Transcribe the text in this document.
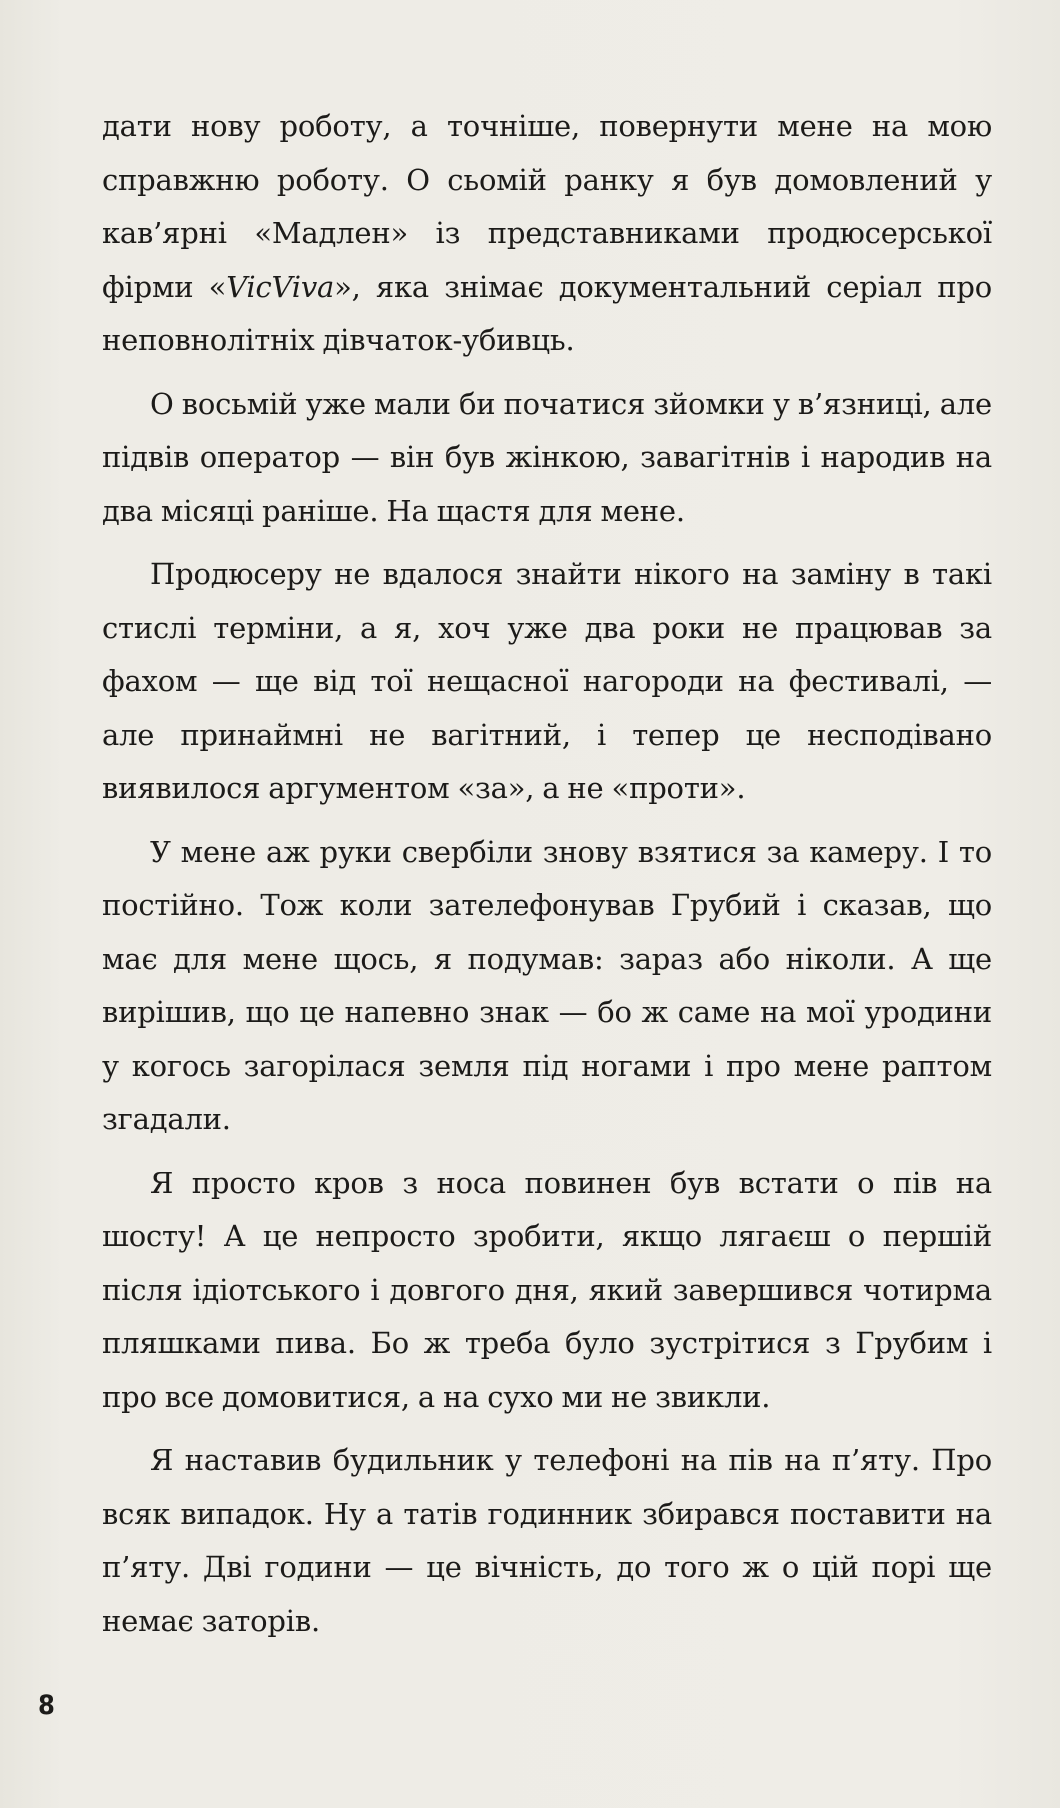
дати нову роботу, а точніше, повернути мене на мою справжню роботу. О сьомій ранку я був домовлений у кав’ярні «Мадлен» із представниками продюсерської фірми «VicViva», яка знімає документальний серіал про неповнолітніх дівчаток-убивць.

О восьмій уже мали би початися зйомки у в’язниці, але підвів оператор — він був жінкою, завагітнів і народив на два місяці раніше. На щастя для мене.

Продюсеру не вдалося знайти нікого на заміну в такі стислі терміни, а я, хоч уже два роки не працював за фахом — ще від тої нещасної нагороди на фестивалі, — але принаймні не вагітний, і тепер це несподівано виявилося аргументом «за», а не «проти».

У мене аж руки свербіли знову взятися за камеру. І то постійно. Тож коли зателефонував Грубий і сказав, що має для мене щось, я подумав: зараз або ніколи. А ще вирішив, що це напевно знак — бо ж саме на мої уродини у когось загорілася земля під ногами і про мене раптом згадали.

Я просто кров з носа повинен був встати о пів на шосту! А це непросто зробити, якщо лягаєш о першій після ідіотського і довгого дня, який завершився чотирма пляшками пива. Бо ж треба було зустрітися з Грубим і про все домовитися, а на сухо ми не звикли.

Я наставив будильник у телефоні на пів на п’яту. Про всяк випадок. Ну а татів годинник збирався поставити на п’яту. Дві години — це вічність, до того ж о цій порі ще немає заторів.

8
